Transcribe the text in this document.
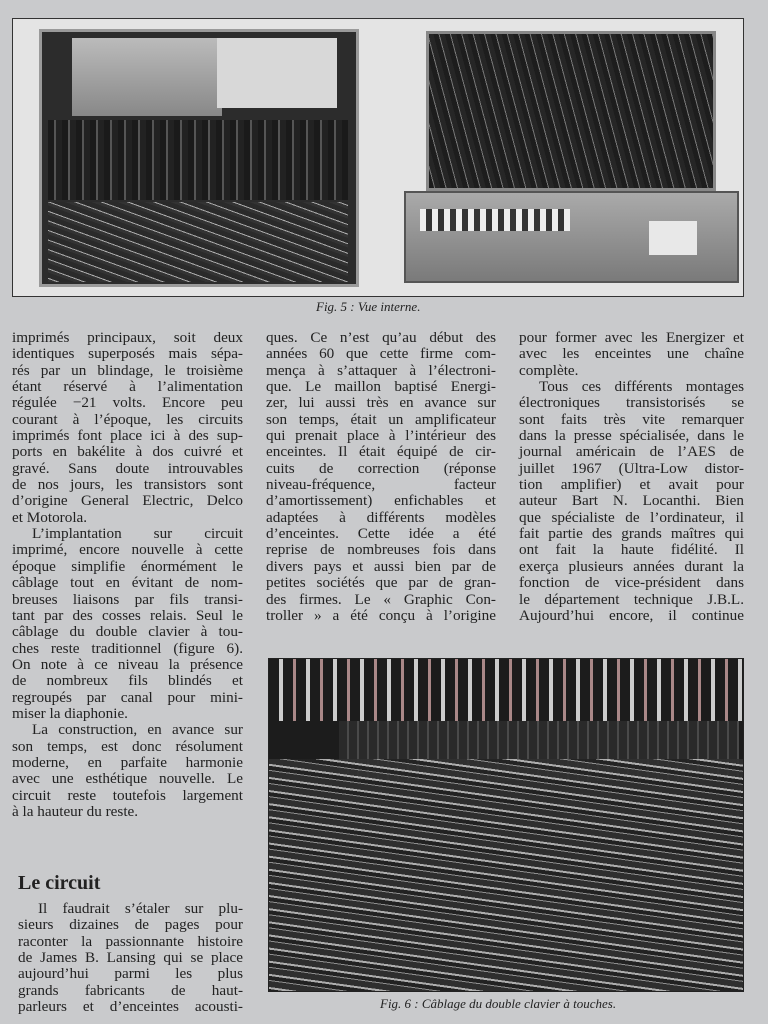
Fig. 5 : Vue interne.
imprimés principaux, soit deux
identiques superposés mais sépa-
rés par un blindage, le troisième
étant réservé à l’alimentation
régulée −21 volts. Encore peu
courant à l’époque, les circuits
imprimés font place ici à des sup-
ports en bakélite à dos cuivré et
gravé. Sans doute introuvables
de nos jours, les transistors sont
d’origine General Electric, Delco
et Motorola.
L’implantation sur circuit
imprimé, encore nouvelle à cette
époque simplifie énormément le
câblage tout en évitant de nom-
breuses liaisons par fils transi-
tant par des cosses relais. Seul le
câblage du double clavier à tou-
ches reste traditionnel (figure 6).
On note à ce niveau la présence
de nombreux fils blindés et
regroupés par canal pour mini-
miser la diaphonie.
La construction, en avance sur
son temps, est donc résolument
moderne, en parfaite harmonie
avec une esthétique nouvelle. Le
circuit reste toutefois largement
à la hauteur du reste.
ques. Ce n’est qu’au début des
années 60 que cette firme com-
mença à s’attaquer à l’électroni-
que. Le maillon baptisé Energi-
zer, lui aussi très en avance sur
son temps, était un amplificateur
qui prenait place à l’intérieur des
enceintes. Il était équipé de cir-
cuits de correction (réponse
niveau-fréquence, facteur
d’amortissement) enfichables et
adaptées à différents modèles
d’enceintes. Cette idée a été
reprise de nombreuses fois dans
divers pays et aussi bien par de
petites sociétés que par de gran-
des firmes. Le « Graphic Con-
troller » a été conçu à l’origine
pour former avec les Energizer et
avec les enceintes une chaîne
complète.
Tous ces différents montages
électroniques transistorisés se
sont faits très vite remarquer
dans la presse spécialisée, dans le
journal américain de l’AES de
juillet 1967 (Ultra-Low distor-
tion amplifier) et avait pour
auteur Bart N. Locanthi. Bien
que spécialiste de l’ordinateur, il
fait partie des grands maîtres qui
ont fait la haute fidélité. Il
exerça plusieurs années durant la
fonction de vice-président dans
le département technique J.B.L.
Aujourd’hui encore, il continue
Le circuit
Il faudrait s’étaler sur plu-
sieurs dizaines de pages pour
raconter la passionnante histoire
de James B. Lansing qui se place
aujourd’hui parmi les plus
grands fabricants de haut-
parleurs et d’enceintes acousti-	Fig. 6 : Câblage du double clavier à touches.
